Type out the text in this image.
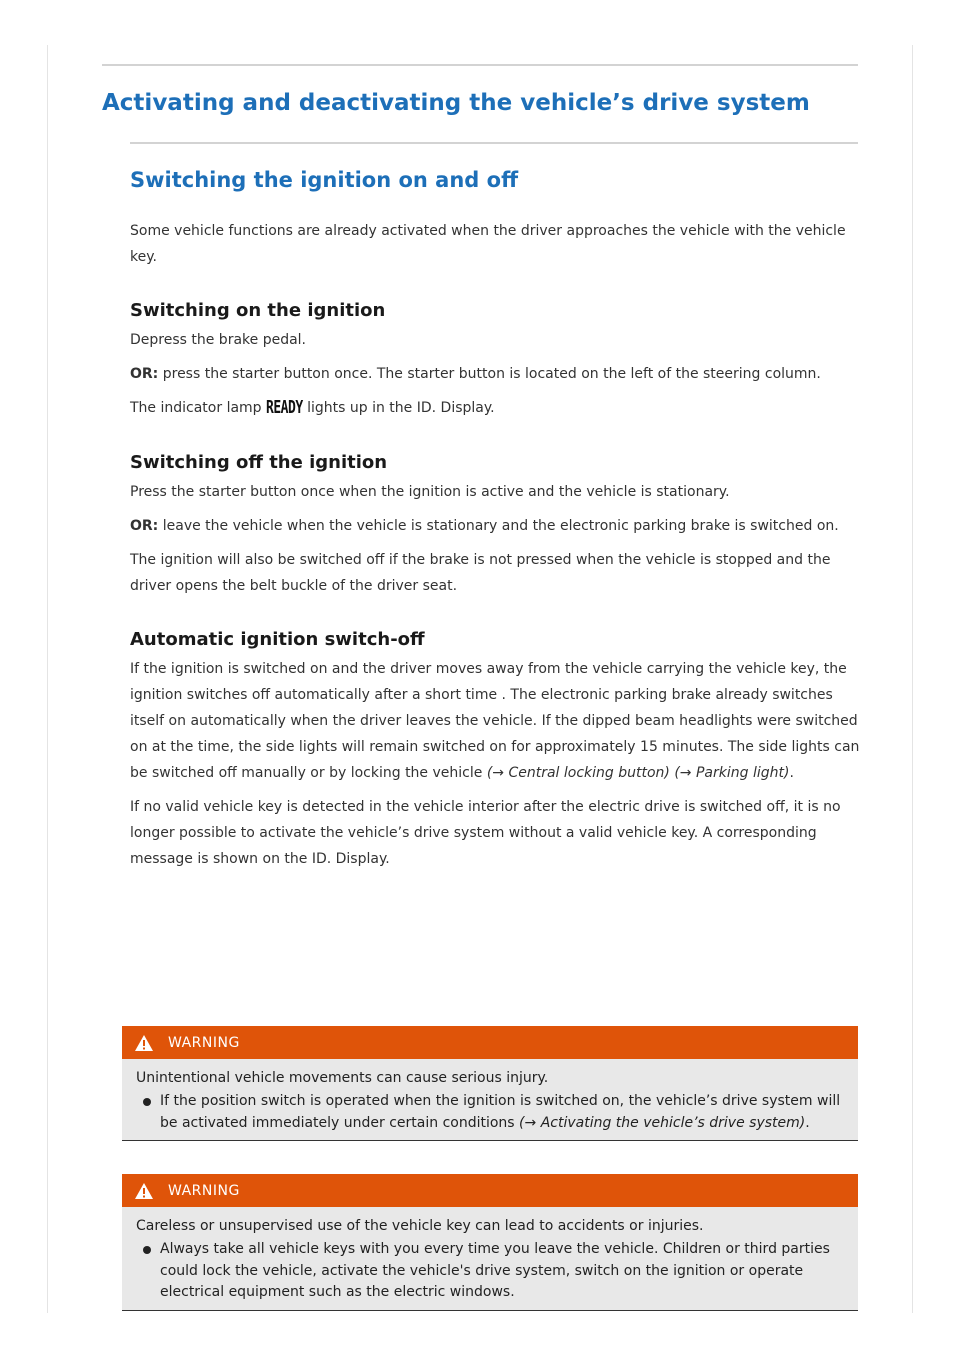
Activating and deactivating the vehicle’s drive system
Switching the ignition on and off

Some vehicle functions are already activated when the driver approaches the vehicle with the vehicle key.

Switching on the ignition

Depress the brake pedal.

OR: press the starter button once. The starter button is located on the left of the steering column.

The indicator lamp READY lights up in the ID. Display.

Switching off the ignition

Press the starter button once when the ignition is active and the vehicle is stationary.

OR: leave the vehicle when the vehicle is stationary and the electronic parking brake is switched on.

The ignition will also be switched off if the brake is not pressed when the vehicle is stopped and the driver opens the belt buckle of the driver seat.

Automatic ignition switch-off

If the ignition is switched on and the driver moves away from the vehicle carrying the vehicle key, the ignition switches off automatically after a short time . The electronic parking brake already switches itself on automatically when the driver leaves the vehicle. If the dipped beam headlights were switched on at the time, the side lights will remain switched on for approximately 15 minutes. The side lights can be switched off manually or by locking the vehicle (→ Central locking button) (→ Parking light).

If no valid vehicle key is detected in the vehicle interior after the electric drive is switched off, it is no longer possible to activate the vehicle’s drive system without a valid vehicle key. A corresponding message is shown on the ID. Display.

WARNING

Unintentional vehicle movements can cause serious injury.

If the position switch is operated when the ignition is switched on, the vehicle’s drive system will be activated immediately under certain conditions (→ Activating the vehicle’s drive system).
WARNING

Careless or unsupervised use of the vehicle key can lead to accidents or injuries.

Always take all vehicle keys with you every time you leave the vehicle. Children or third parties could lock the vehicle, activate the vehicle's drive system, switch on the ignition or operate electrical equipment such as the electric windows.
